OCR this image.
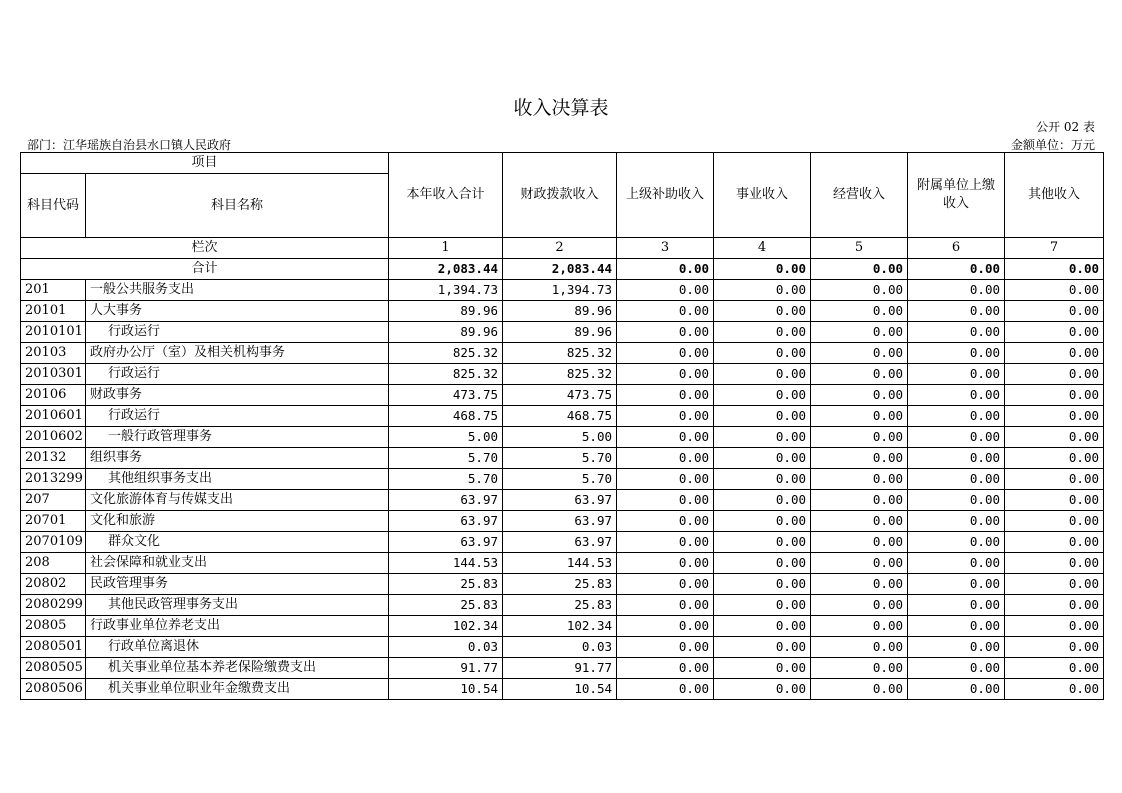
收入决算表
公开 02 表
部门：江华瑶族自治县水口镇人民政府	金额单位：万元
项目		本年收入合计	财政拨款收入	上级补助收入	事业收入	经营收入	附属单位上缴收入	其他收入
科目代码	科目名称							
栏次		1	2	3	4	5	6	7
合计		2,083.44	2,083.44	0.00	0.00	0.00	0.00	0.00
201	一般公共服务支出	1,394.73	1,394.73	0.00	0.00	0.00	0.00	0.00
20101	人大事务	89.96	89.96	0.00	0.00	0.00	0.00	0.00
2010101	行政运行	89.96	89.96	0.00	0.00	0.00	0.00	0.00
20103	政府办公厅（室）及相关机构事务	825.32	825.32	0.00	0.00	0.00	0.00	0.00
2010301	行政运行	825.32	825.32	0.00	0.00	0.00	0.00	0.00
20106	财政事务	473.75	473.75	0.00	0.00	0.00	0.00	0.00
2010601	行政运行	468.75	468.75	0.00	0.00	0.00	0.00	0.00
2010602	一般行政管理事务	5.00	5.00	0.00	0.00	0.00	0.00	0.00
20132	组织事务	5.70	5.70	0.00	0.00	0.00	0.00	0.00
2013299	其他组织事务支出	5.70	5.70	0.00	0.00	0.00	0.00	0.00
207	文化旅游体育与传媒支出	63.97	63.97	0.00	0.00	0.00	0.00	0.00
20701	文化和旅游	63.97	63.97	0.00	0.00	0.00	0.00	0.00
2070109	群众文化	63.97	63.97	0.00	0.00	0.00	0.00	0.00
208	社会保障和就业支出	144.53	144.53	0.00	0.00	0.00	0.00	0.00
20802	民政管理事务	25.83	25.83	0.00	0.00	0.00	0.00	0.00
2080299	其他民政管理事务支出	25.83	25.83	0.00	0.00	0.00	0.00	0.00
20805	行政事业单位养老支出	102.34	102.34	0.00	0.00	0.00	0.00	0.00
2080501	行政单位离退休	0.03	0.03	0.00	0.00	0.00	0.00	0.00
2080505	机关事业单位基本养老保险缴费支出	91.77	91.77	0.00	0.00	0.00	0.00	0.00
2080506	机关事业单位职业年金缴费支出	10.54	10.54	0.00	0.00	0.00	0.00	0.00
